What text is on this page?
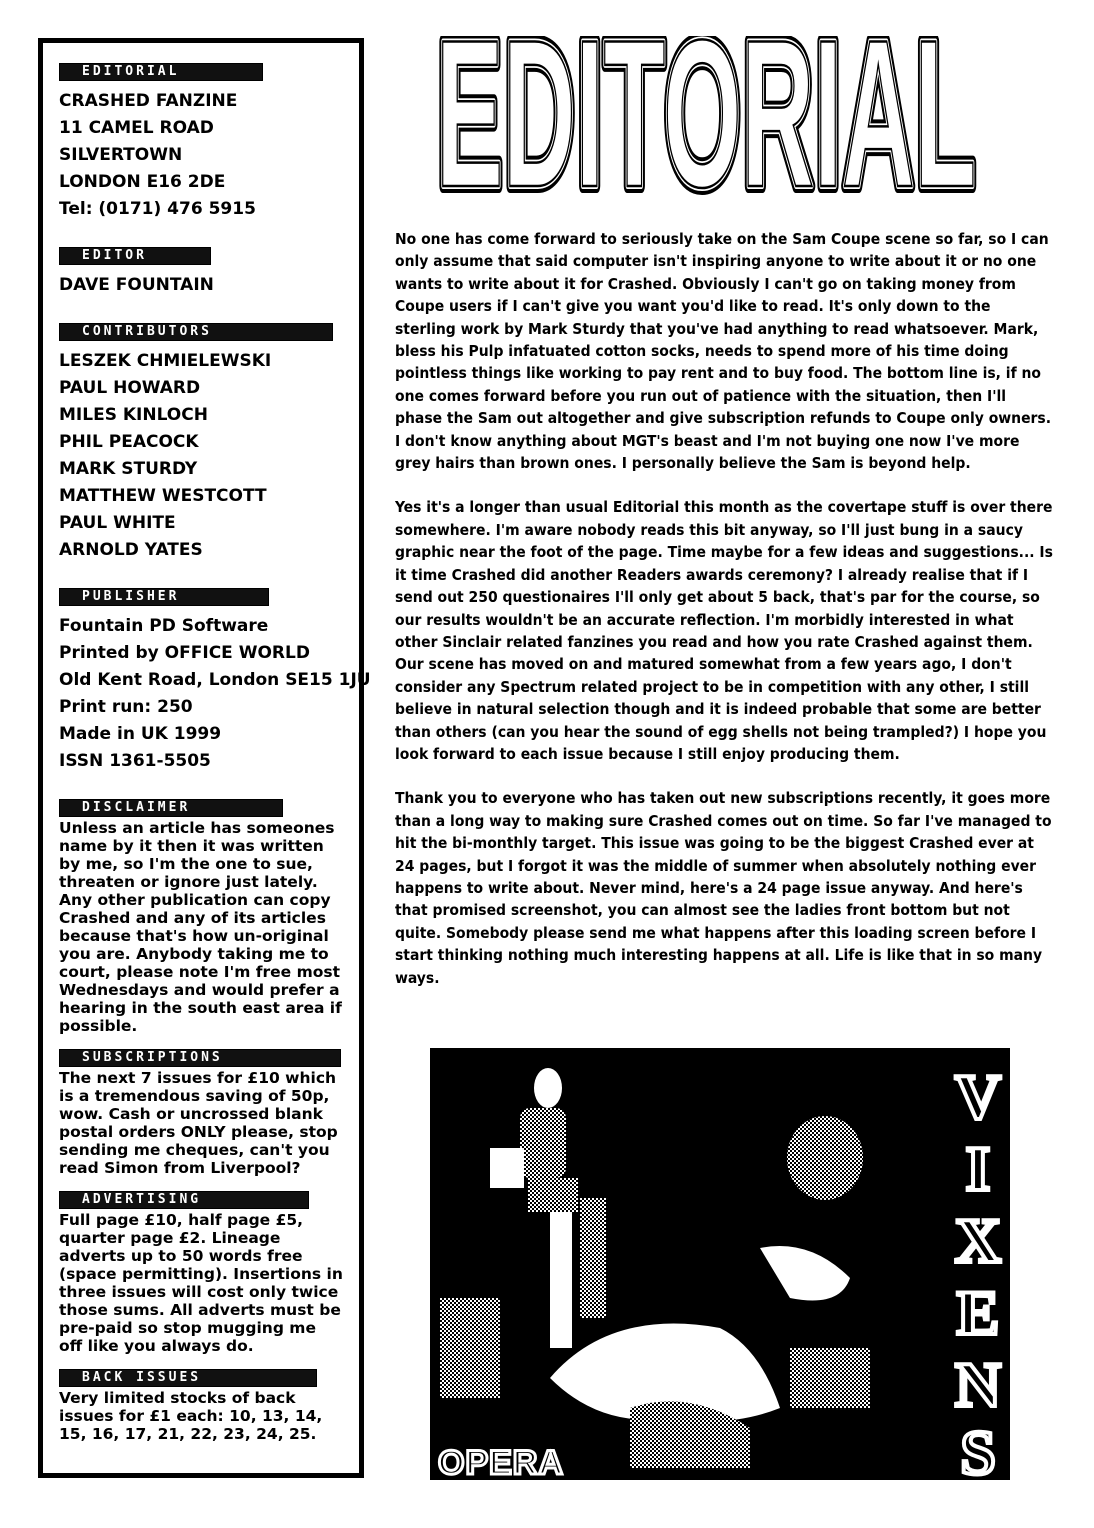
EDITORIAL
CRASHED FANZINE
11 CAMEL ROAD
SILVERTOWN
LONDON E16 2DE
Tel: (0171) 476 5915
EDITOR
DAVE FOUNTAIN
CONTRIBUTORS
LESZEK CHMIELEWSKI
PAUL HOWARD
MILES KINLOCH
PHIL PEACOCK
MARK STURDY
MATTHEW WESTCOTT
PAUL WHITE
ARNOLD YATES
PUBLISHER
Fountain PD Software
Printed by OFFICE WORLD
Old Kent Road, London SE15 1JU
Print run: 250
Made in UK 1999
ISSN 1361-5505
DISCLAIMER
Unless an article has someones name by it then it was written by me, so I'm the one to sue, threaten or ignore just lately. Any other publication can copy Crashed and any of its articles because that's how un-original you are. Anybody taking me to court, please note I'm free most Wednesdays and would prefer a hearing in the south east area if possible.
SUBSCRIPTIONS
The next 7 issues for £10 which is a tremendous saving of 50p, wow. Cash or uncrossed blank postal orders ONLY please, stop sending me cheques, can't you read Simon from Liverpool?
ADVERTISING
Full page £10, half page £5, quarter page £2. Lineage adverts up to 50 words free (space permitting). Insertions in three issues will cost only twice those sums. All adverts must be pre-paid so stop mugging me off like you always do.
BACK ISSUES
Very limited stocks of back issues for £1 each: 10, 13, 14, 15, 16, 17, 21, 22, 23, 24, 25.
EDITORIAL
EDITORIAL
EDITORIAL

No one has come forward to seriously take on the Sam Coupe scene so far, so I can only assume that said computer isn't inspiring anyone to write about it or no one wants to write about it for Crashed. Obviously I can't go on taking money from Coupe users if I can't give you want you'd like to read. It's only down to the sterling work by Mark Sturdy that you've had anything to read whatsoever. Mark, bless his Pulp infatuated cotton socks, needs to spend more of his time doing pointless things like working to pay rent and to buy food. The bottom line is, if no one comes forward before you run out of patience with the situation, then I'll phase the Sam out altogether and give subscription refunds to Coupe only owners. I don't know anything about MGT's beast and I'm not buying one now I've more grey hairs than brown ones. I personally believe the Sam is beyond help.

Yes it's a longer than usual Editorial this month as the covertape stuff is over there somewhere. I'm aware nobody reads this bit anyway, so I'll just bung in a saucy graphic near the foot of the page. Time maybe for a few ideas and suggestions... Is it time Crashed did another Readers awards ceremony? I already realise that if I send out 250 questionaires I'll only get about 5 back, that's par for the course, so our results wouldn't be an accurate reflection. I'm morbidly interested in what other Sinclair related fanzines you read and how you rate Crashed against them. Our scene has moved on and matured somewhat from a few years ago, I don't consider any Spectrum related project to be in competition with any other, I still believe in natural selection though and it is indeed probable that some are better than others (can you hear the sound of egg shells not being trampled?) I hope you look forward to each issue because I still enjoy producing them.

Thank you to everyone who has taken out new subscriptions recently, it goes more than a long way to making sure Crashed comes out on time. So far I've managed to hit the bi-monthly target. This issue was going to be the biggest Crashed ever at 24 pages, but I forgot it was the middle of summer when absolutely nothing ever happens to write about. Never mind, here's a 24 page issue anyway. And here's that promised screenshot, you can almost see the ladies front bottom but not quite. Somebody please send me what happens after this loading screen before I start thinking nothing much interesting happens at all. Life is like that in so many ways.

V
I
X
E
N
S
OPERA
